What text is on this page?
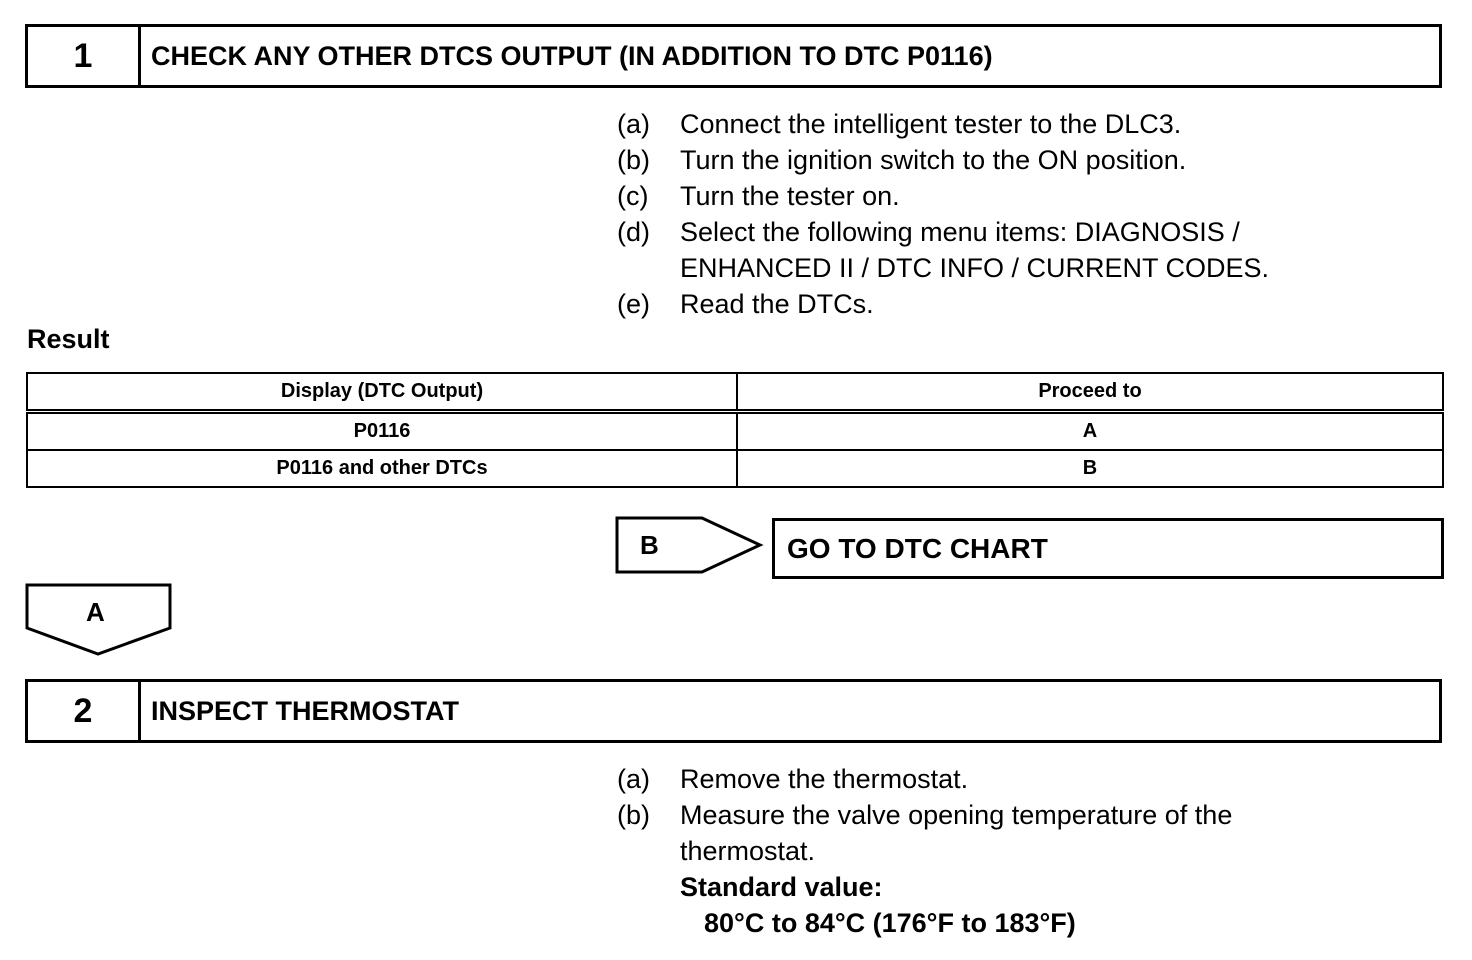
1	CHECK ANY OTHER DTCS OUTPUT (IN ADDITION TO DTC P0116)
(a)	Connect the intelligent tester to the DLC3.
(b)	Turn the ignition switch to the ON position.
(c)	Turn the tester on.
(d)	Select the following menu items: DIAGNOSIS / ENHANCED II / DTC INFO / CURRENT CODES.
(e)	Read the DTCs.
Result
Display (DTC Output)	Proceed to
P0116	A
P0116 and other DTCs	B
B	GO TO DTC CHART
A
2	INSPECT THERMOSTAT
(a)	Remove the thermostat.
(b)	Measure the valve opening temperature of the thermostat.
Standard value:
80°C to 84°C (176°F to 183°F)
